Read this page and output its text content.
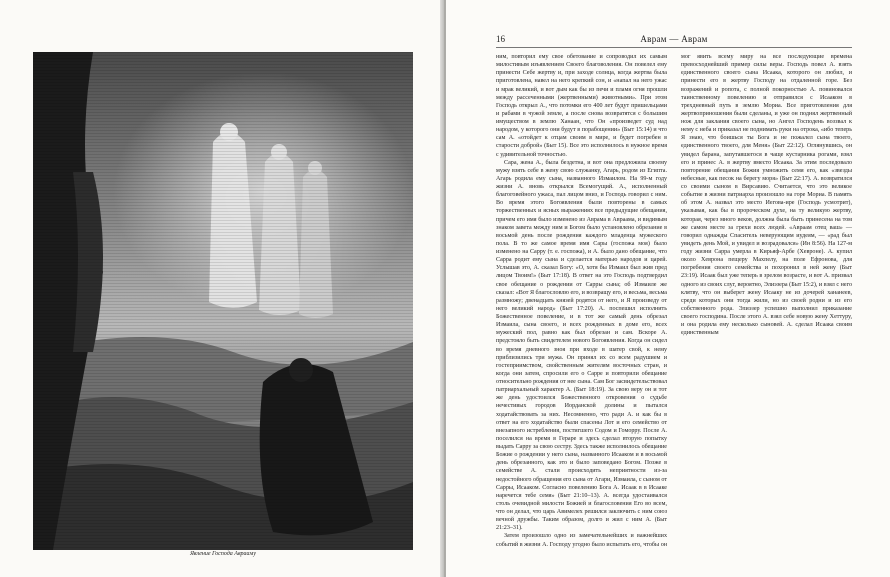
Явление Господа Аврааму
16	Аврам — Аврам

ним, повторил ему свое обетование и сопроводил их самым милостивым изъявлением Своего благоволения. Он повелел ему принести Себе жертву и, при заходе солнца, когда жертва была приготовлена, навел на него крепкий сон, и «напал на него ужас и мрак великий, и вот дым как бы из печи и пламя огня прошли между рассеченными (жертвенными) животными». При этом Господь открыл А., что потомки его 400 лет будут пришельцами и рабами в чужой земле, а после снова возвратятся с большим имуществом в землю Ханаан, что Он «произведет суд над народом, у которого они будут в порабощении» (Быт 15:14) и что сам А. «отойдет к отцам своим в мире, и будет погребен в старости доброй» (Быт 15). Все это исполнилось в нужное время с удивительной точностью.

Сара, жена А., была бездетна, и вот она предложила своему мужу взять себе в жену свою служанку, Агарь, родом из Египта. Агарь родила ему сына, названного Измаилом. На 99-м году жизни А. вновь открылся Всемогущий. А., исполненный благоговейного ужаса, пал лицом вниз, и Господь говорил с ним. Во время этого Богоявления были повторены в самых торжественных и ясных выражениях все предыдущие обещания, причем его имя было изменено из Аврама в Авраама, и видимым знаком завета между ним и Богом было установлено обрезание в восьмой день после рождения каждого младенца мужеского пола. В то же самое время имя Сары (госпожа моя) было изменено на Сарру (т. е. госпожа), и А. было дано обещание, что Сарра родит ему сына и сделается матерью народов и царей. Услышав это, А. сказал Богу: «О, хотя бы Измаил был жив пред лицом Твоим!» (Быт 17:18). В ответ на это Господь подтвердил свое обещание о рождении от Сарры сына; об Измаиле же сказал: «Вот Я благословлю его, и возвращу его, и весьма, весьма размножу; двенадцать князей родятся от него, и Я произведу от него великий народ» (Быт 17:20). А. поспешил исполнить Божественное повеление, и в тот же самый день обрезал Измаила, сына своего, и всех рожденных в доме его, всех мужеский пол, равно как был обрезан и сам. Вскоре А. предстояло быть свидетелем нового Богоявления. Когда он сидел во время дневного зноя при входе в шатер свой, к нему приблизились три мужа. Он принял их со всем радушием и гостеприимством, свойственным жителям восточных стран, и когда они затем, спросили его о Сарре и повторили обещание относительно рождения от нее сына. Сам Бог засвидетельствовал патриархальный характер А. (Быт 18:19). За свою веру он и тот же день удостоился Божественного откровения о судьбе нечестивых городов Иорданской долины и пытался ходатайствовать за них. Несомненно, что ради А. и как бы в ответ на его ходатайство были спасены Лот и его семейство от внезапного истребления, постигшего Содом и Гоморру. После А. поселился на время в Гераре и здесь сделал вторую попытку выдать Сарру за свою сестру. Здесь также исполнилось обещание Божие о рождении у него сына, названного Исааком и в восьмой день обрезанного, как это и было заповедано Богом. Позже в семействе А. стали происходить неприятности из-за недостойного обращения его сына от Агари, Измаила, с сыном от Сарры, Исааком. Согласно повелению Бога А. Исаак в в Исааке наречется тебе семя» (Быт 21:10–13). А. всегда удостаивался столь очевидной милости Божией и благословения Его во всем, что он делал, что царь Авимелех решился заключить с ним союз вечной дружбы. Таким образом, долго и жил с ним А. (Быт 21:23–31).

Затем произошло одно из замечательнейших и важнейших событий в жизни А. Господу угодно было испытать его, чтобы он мог явить всему миру на все последующие времена превосходнейший пример силы веры. Господь повел А. взять единственного своего сына Исаака, которого он любил, и принести его в жертву Господу на отдаленной горе. Без возражений и ропота, с полной покорностью А. повиновался таинственному повелению и отправился с Исааком в трехдневный путь в землю Мориа. Все приготовления для жертвоприношения были сделаны, и уже он поднял жертвенный нож для заклания своего сына, но Ангел Господень воззвал к нему с неба и приказал не поднимать руки на отрока, «ибо теперь Я знаю, что боишься ты Бога и не пожалел сына твоего, единственного твоего, для Меня» (Быт 22:12). Оглянувшись, он увидел барана, запутавшегося в чаще кустарника рогами, взял его и принес А. в жертву вместо Исаака. За этим последовало повторение обещания Божия умножить семя его, как «звезды небесные, как песок на берегу моря» (Быт 22:17). А. возвратился со своими сыном в Вирсавию. Считается, что это великое событие в жизни патриарха произошло на горе Мориа. В память об этом А. назвал это место Иегова-ире (Господь усмотрит), указывая, как бы в пророческом духе, на ту великую жертву, которая, через много веков, должна была быть принесена на том же самом месте за грехи всех людей. «Авраам отец ваш» — говорил однажды Спаситель неверующим иудеям, — «рад был увидеть день Мой, и увидел и возрадовался» (Ин 8:56). На 127-м году жизни Сарра умерла в Кирьяф-Арбе (Хевроне). А. купил около Хеврона пещеру Махпелу, на поле Ефронова, для погребения своего семейства и похоронил в ней жену (Быт 23:19). Исаак был уже теперь в зрелом возрасте, и вот А. призвал одного из своих слуг, вероятно, Элиэзера (Быт 15:2), и взял с него клятву, что он выберет жену Исааку не из дочерей хананеев, среди которых они тогда жили, но из своей родни и из его собственного рода. Элиэзер успешно выполнил приказание своего господина. После этого А. взял себе новую жену Хеттуру, и она родила ему несколько сыновей. А. сделал Исаака своим единственным
